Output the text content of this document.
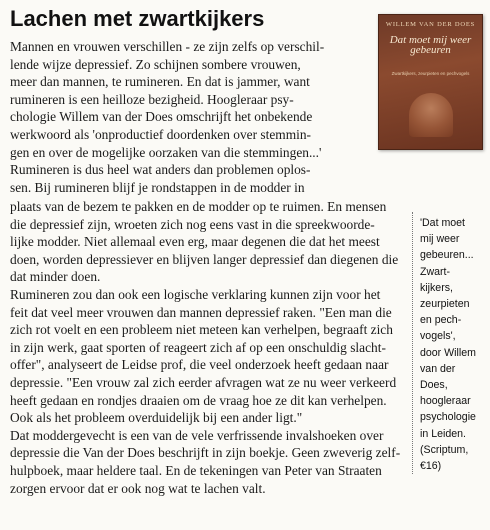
Lachen met zwartkijkers	WILLEM VAN DER DOES
Dat moet mij weer gebeuren
Zwartkijkers, zeurpieten en pechvogels
Mannen en vrouwen verschillen - ze zijn zelfs op verschil-
lende wijze depressief. Zo schijnen sombere vrouwen,
meer dan mannen, te rumineren. En dat is jammer, want
rumineren is een heilloze bezigheid. Hoogleraar psy-
chologie Willem van der Does omschrijft het onbekende
werkwoord als 'onproductief doordenken over stemmin-
gen en over de mogelijke oorzaken van die stemmingen...'
Rumineren is dus heel wat anders dan problemen oplos-
sen. Bij rumineren blijf je rondstappen in de modder in
plaats van de bezem te pakken en de modder op te ruimen. En mensen
die depressief zijn, wroeten zich nog eens vast in die spreekwoorde-
lijke modder. Niet allemaal even erg, maar degenen die dat het meest
doen, worden depressiever en blijven langer depressief dan diegenen die
dat minder doen.
Rumineren zou dan ook een logische verklaring kunnen zijn voor het
feit dat veel meer vrouwen dan mannen depressief raken. "Een man die
zich rot voelt en een probleem niet meteen kan verhelpen, begraaft zich
in zijn werk, gaat sporten of reageert zich af op een onschuldig slacht-
offer", analyseert de Leidse prof, die veel onderzoek heeft gedaan naar
depressie. "Een vrouw zal zich eerder afvragen wat ze nu weer verkeerd
heeft gedaan en rondjes draaien om de vraag hoe ze dit kan verhelpen.
Ook als het probleem overduidelijk bij een ander ligt."
Dat moddergevecht is een van de vele verfrissende invalshoeken over
depressie die Van der Does beschrijft in zijn boekje. Geen zweverig zelf-
hulpboek, maar heldere taal. En de tekeningen van Peter van Straaten
zorgen ervoor dat er ook nog wat te lachen valt.
'Dat moet
mij weer
gebeuren...
Zwart-
kijkers,
zeurpieten
en pech-
vogels',
door Willem
van der
Does,
hoogleraar
psychologie
in Leiden.
(Scriptum,
€16)
